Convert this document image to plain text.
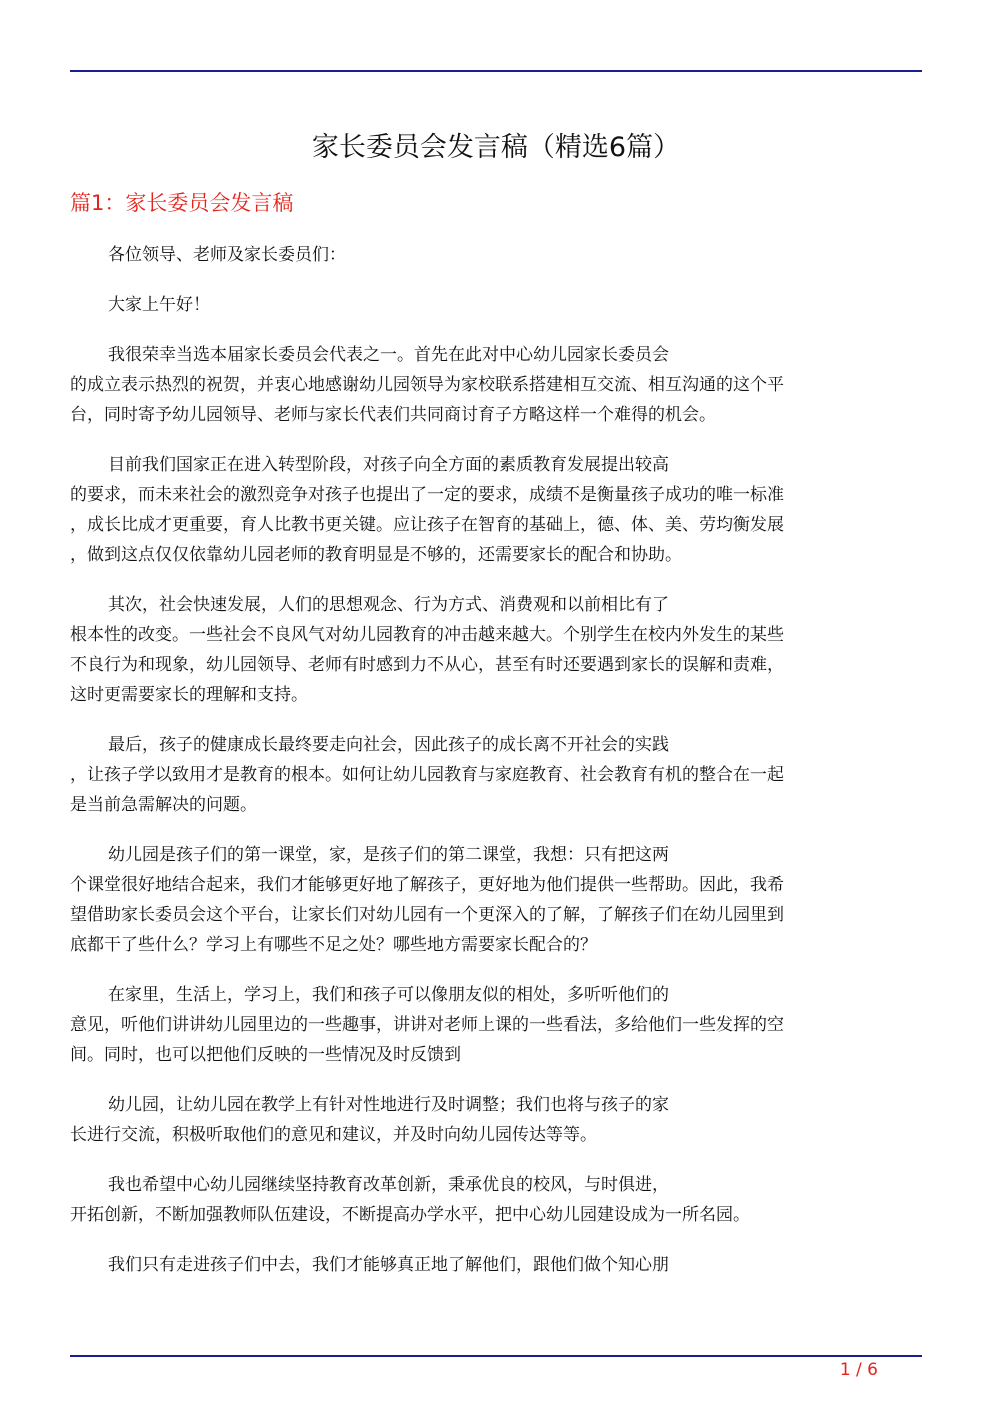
家长委员会发言稿（精选6篇）
篇1：家长委员会发言稿

各位领导、老师及家长委员们：

大家上午好！

我很荣幸当选本届家长委员会代表之一。首先在此对中心幼儿园家长委员会
的成立表示热烈的祝贺，并衷心地感谢幼儿园领导为家校联系搭建相互交流、相互沟通的这个平
台，同时寄予幼儿园领导、老师与家长代表们共同商讨育子方略这样一个难得的机会。

目前我们国家正在进入转型阶段，对孩子向全方面的素质教育发展提出较高
的要求，而未来社会的激烈竞争对孩子也提出了一定的要求，成绩不是衡量孩子成功的唯一标准
，成长比成才更重要，育人比教书更关键。应让孩子在智育的基础上，德、体、美、劳均衡发展
，做到这点仅仅依靠幼儿园老师的教育明显是不够的，还需要家长的配合和协助。

其次，社会快速发展，人们的思想观念、行为方式、消费观和以前相比有了
根本性的改变。一些社会不良风气对幼儿园教育的冲击越来越大。个别学生在校内外发生的某些
不良行为和现象，幼儿园领导、老师有时感到力不从心，甚至有时还要遇到家长的误解和责难，
这时更需要家长的理解和支持。

最后，孩子的健康成长最终要走向社会，因此孩子的成长离不开社会的实践
，让孩子学以致用才是教育的根本。如何让幼儿园教育与家庭教育、社会教育有机的整合在一起
是当前急需解决的问题。

幼儿园是孩子们的第一课堂，家，是孩子们的第二课堂，我想：只有把这两
个课堂很好地结合起来，我们才能够更好地了解孩子，更好地为他们提供一些帮助。因此，我希
望借助家长委员会这个平台，让家长们对幼儿园有一个更深入的了解，了解孩子们在幼儿园里到
底都干了些什么？学习上有哪些不足之处？哪些地方需要家长配合的？

在家里，生活上，学习上，我们和孩子可以像朋友似的相处，多听听他们的
意见，听他们讲讲幼儿园里边的一些趣事，讲讲对老师上课的一些看法，多给他们一些发挥的空
间。同时，也可以把他们反映的一些情况及时反馈到

幼儿园，让幼儿园在教学上有针对性地进行及时调整；我们也将与孩子的家
长进行交流，积极听取他们的意见和建议，并及时向幼儿园传达等等。

我也希望中心幼儿园继续坚持教育改革创新，秉承优良的校风，与时俱进，
开拓创新，不断加强教师队伍建设，不断提高办学水平，把中心幼儿园建设成为一所名园。

我们只有走进孩子们中去，我们才能够真正地了解他们，跟他们做个知心朋

1 / 6
